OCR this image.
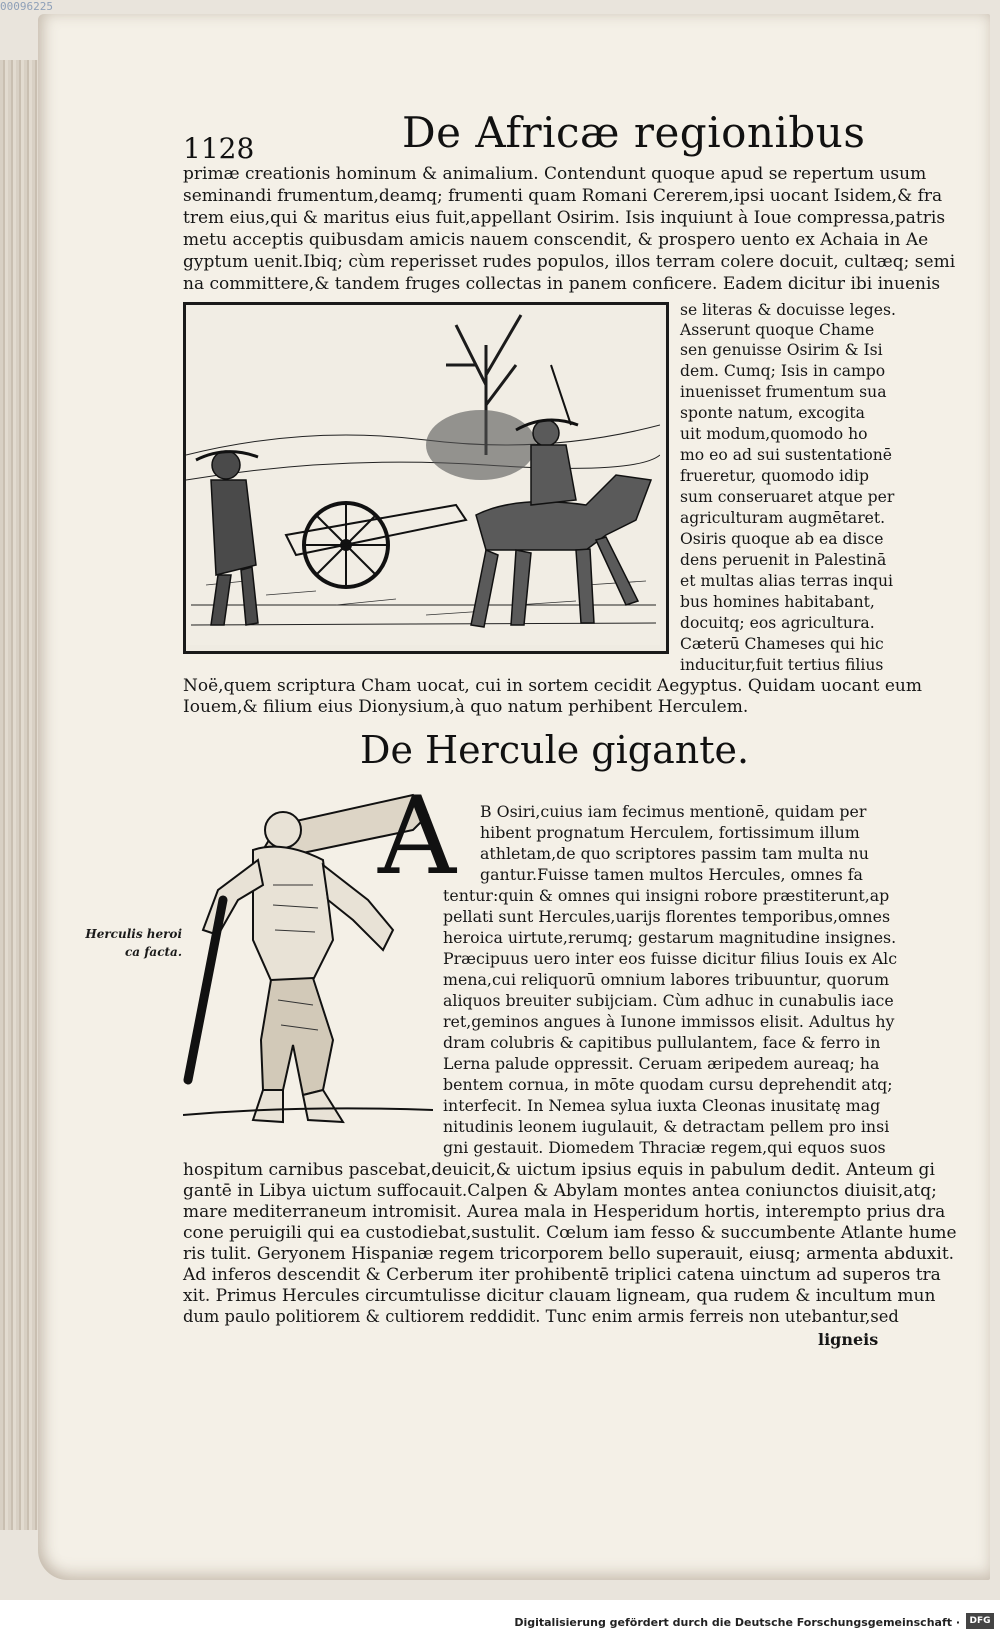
00096225
1128	De Africæ regionibus
primæ creationis hominum & animalium. Contendunt quoque apud se repertum usum
seminandi frumentum,deamq; frumenti quam Romani Cererem,ipsi uocant Isidem,& fra
trem eius,qui & maritus eius fuit,appellant Osirim. Isis inquiunt à Ioue compressa,patris
metu acceptis quibusdam amicis nauem conscendit, & prospero uento ex Achaia in Ae
gyptum uenit.Ibiq; cùm reperisset rudes populos, illos terram colere docuit, cultæq; semi
na committere,& tandem fruges collectas in panem conficere. Eadem dicitur ibi inuenis
se literas & docuisse leges.
Asserunt quoque Chame
sen genuisse Osirim & Isi
dem. Cumq; Isis in campo
inuenisset frumentum sua
sponte natum, excogita
uit modum,quomodo ho
mo eo ad sui sustentationē
frueretur, quomodo idip
sum conseruaret atque per
agriculturam augmētaret.
Osiris quoque ab ea disce
dens peruenit in Palestinā
et multas alias terras inqui
bus homines habitabant,
docuitq; eos agricultura.
Cæterū Chameses qui hic
inducitur,fuit tertius filius
Noë,quem scriptura Cham uocat, cui in sortem cecidit Aegyptus. Quidam uocant eum
Iouem,& filium eius Dionysium,à quo natum perhibent Herculem.
De Hercule gigante.
Herculis heroi ca facta.
A B Osiri,cuius iam fecimus mentionē, quidam per
hibent prognatum Herculem, fortissimum illum
athletam,de quo scriptores passim tam multa nu
gantur.Fuisse tamen multos Hercules, omnes fa
tentur:quin & omnes qui insigni robore præstiterunt,ap
pellati sunt Hercules,uarijs florentes temporibus,omnes
heroica uirtute,rerumq; gestarum magnitudine insignes.
Præcipuus uero inter eos fuisse dicitur filius Iouis ex Alc
mena,cui reliquorū omnium labores tribuuntur, quorum
aliquos breuiter subijciam. Cùm adhuc in cunabulis iace
ret,geminos angues à Iunone immissos elisit. Adultus hy
dram colubris & capitibus pullulantem, face & ferro in
Lerna palude oppressit. Ceruam æripedem aureaq; ha
bentem cornua, in mōte quodam cursu deprehendit atq;
interfecit. In Nemea sylua iuxta Cleonas inusitatę mag
nitudinis leonem iugulauit, & detractam pellem pro insi
gni gestauit. Diomedem Thraciæ regem,qui equos suos
hospitum carnibus pascebat,deuicit,& uictum ipsius equis in pabulum dedit. Anteum gi
gantē in Libya uictum suffocauit.Calpen & Abylam montes antea coniunctos diuisit,atq;
mare mediterraneum intromisit. Aurea mala in Hesperidum hortis, interempto prius dra
cone peruigili qui ea custodiebat,sustulit. Cœlum iam fesso & succumbente Atlante hume
ris tulit. Geryonem Hispaniæ regem tricorporem bello superauit, eiusq; armenta abduxit.
Ad inferos descendit & Cerberum iter prohibentē triplici catena uinctum ad superos tra
xit. Primus Hercules circumtulisse dicitur clauam ligneam, qua rudem & incultum mun
dum paulo politiorem & cultiorem reddidit. Tunc enim armis ferreis non utebantur,sed
ligneis
Digitalisierung gefördert durch die Deutsche Forschungsgemeinschaft ·	DFG
